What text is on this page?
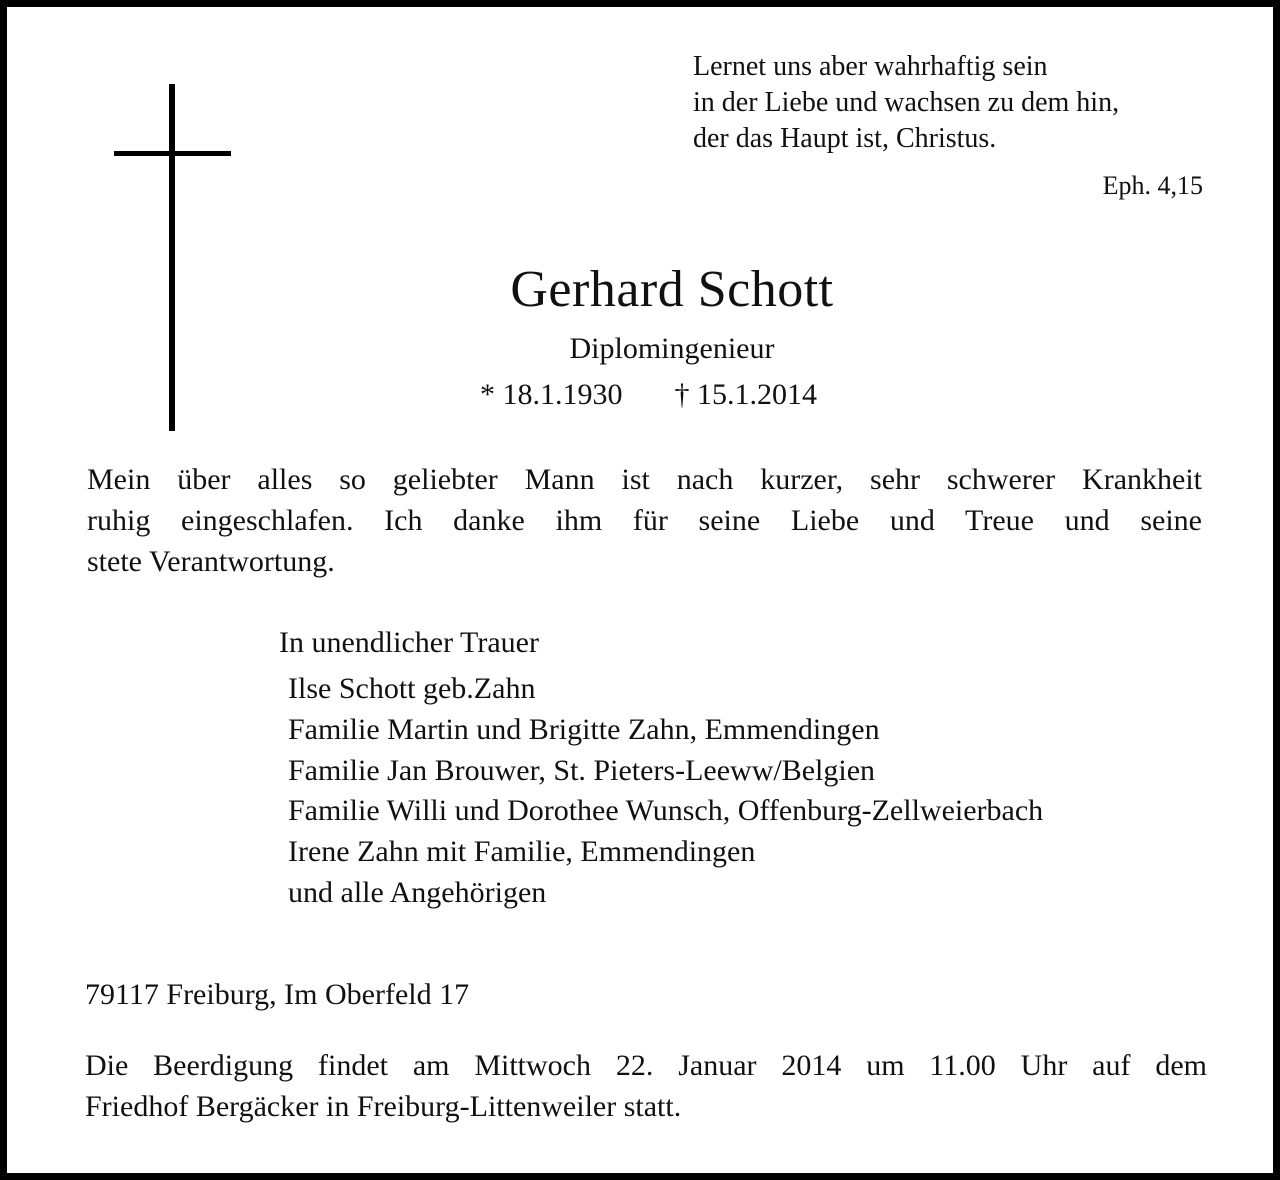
Lernet uns aber wahrhaftig sein
in der Liebe und wachsen zu dem hin,
der das Haupt ist, Christus.
Eph. 4,15
Gerhard Schott
Diplomingenieur
* 18.1.1930 † 15.1.2014
Mein über alles so geliebter Mann ist nach kurzer, sehr schwerer Krankheit
ruhig eingeschlafen. Ich danke ihm für seine Liebe und Treue und seine
stete Verantwortung.
In unendlicher Trauer
Ilse Schott geb.Zahn
Familie Martin und Brigitte Zahn, Emmendingen
Familie Jan Brouwer, St. Pieters-Leeww/Belgien
Familie Willi und Dorothee Wunsch, Offenburg-Zellweierbach
Irene Zahn mit Familie, Emmendingen
und alle Angehörigen
79117 Freiburg, Im Oberfeld 17
Die Beerdigung findet am Mittwoch 22. Januar 2014 um 11.00 Uhr auf dem
Friedhof Bergäcker in Freiburg-Littenweiler statt.
